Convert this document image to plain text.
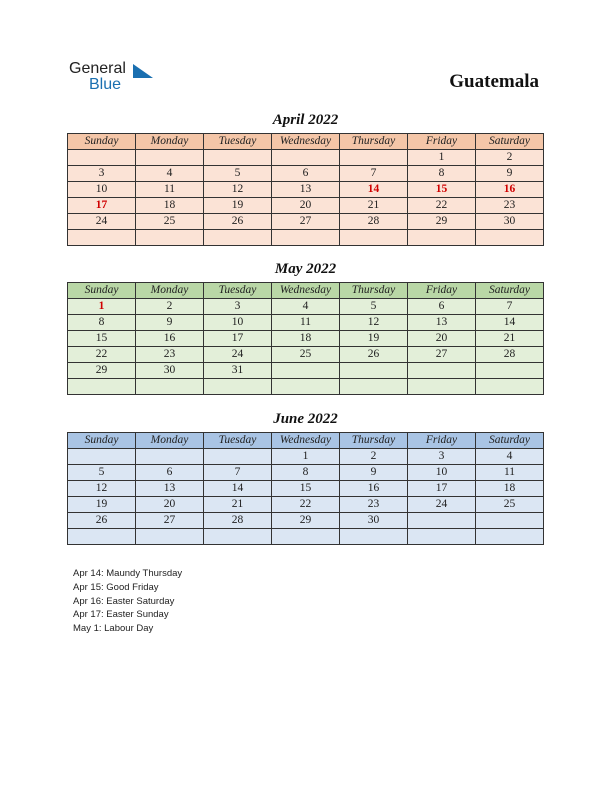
General
Blue	Guatemala
April 2022
Sunday	Monday	Tuesday	Wednesday	Thursday	Friday	Saturday
					1	2
3	4	5	6	7	8	9
10	11	12	13	14	15	16
17	18	19	20	21	22	23
24	25	26	27	28	29	30

May 2022
Sunday	Monday	Tuesday	Wednesday	Thursday	Friday	Saturday
1	2	3	4	5	6	7
8	9	10	11	12	13	14
15	16	17	18	19	20	21
22	23	24	25	26	27	28
29	30	31				

June 2022
Sunday	Monday	Tuesday	Wednesday	Thursday	Friday	Saturday
			1	2	3	4
5	6	7	8	9	10	11
12	13	14	15	16	17	18
19	20	21	22	23	24	25
26	27	28	29	30		

Apr 14: Maundy Thursday
Apr 15: Good Friday
Apr 16: Easter Saturday
Apr 17: Easter Sunday
May 1: Labour Day
